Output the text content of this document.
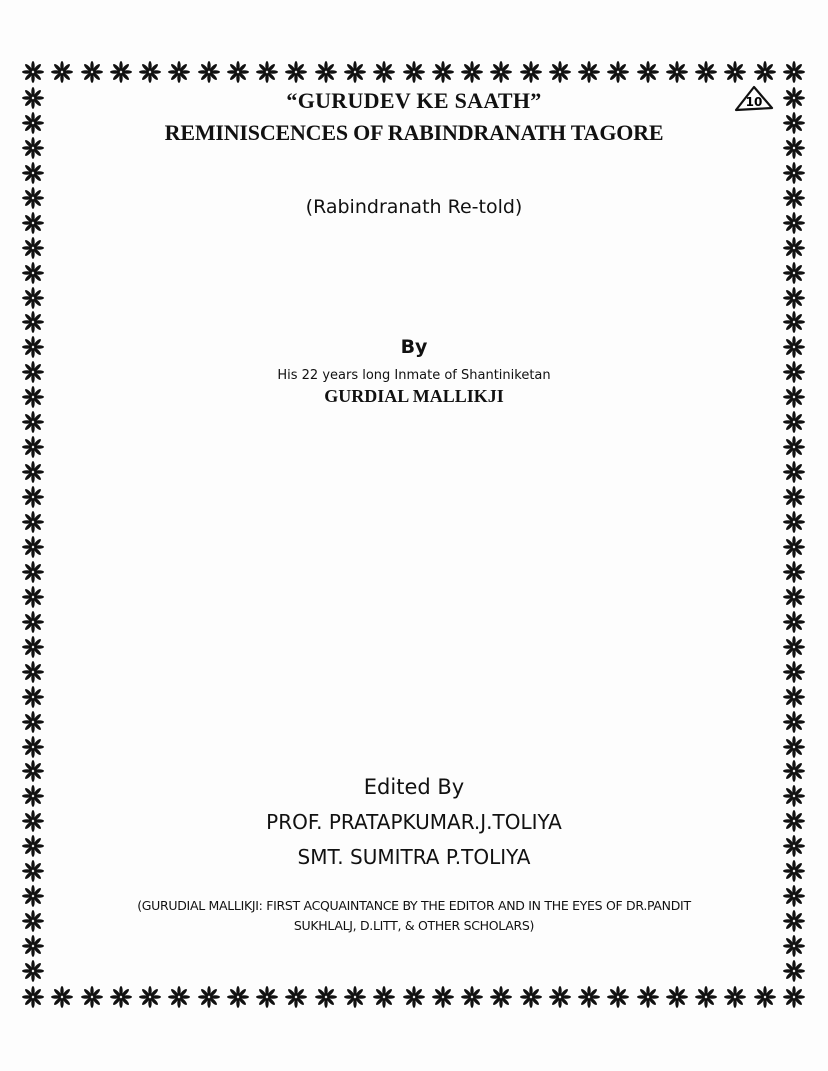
10
“GURUDEV KE SAATH”
REMINISCENCES OF RABINDRANATH TAGORE
(Rabindranath Re-told)
By
His 22 years long Inmate of Shantiniketan
GURDIAL MALLIKJI
Edited By
PROF. PRATAPKUMAR.J.TOLIYA
SMT. SUMITRA P.TOLIYA
(GURUDIAL MALLIKJI: FIRST ACQUAINTANCE BY THE EDITOR AND IN THE EYES OF DR.PANDIT
SUKHLALJ, D.LITT, & OTHER SCHOLARS)
